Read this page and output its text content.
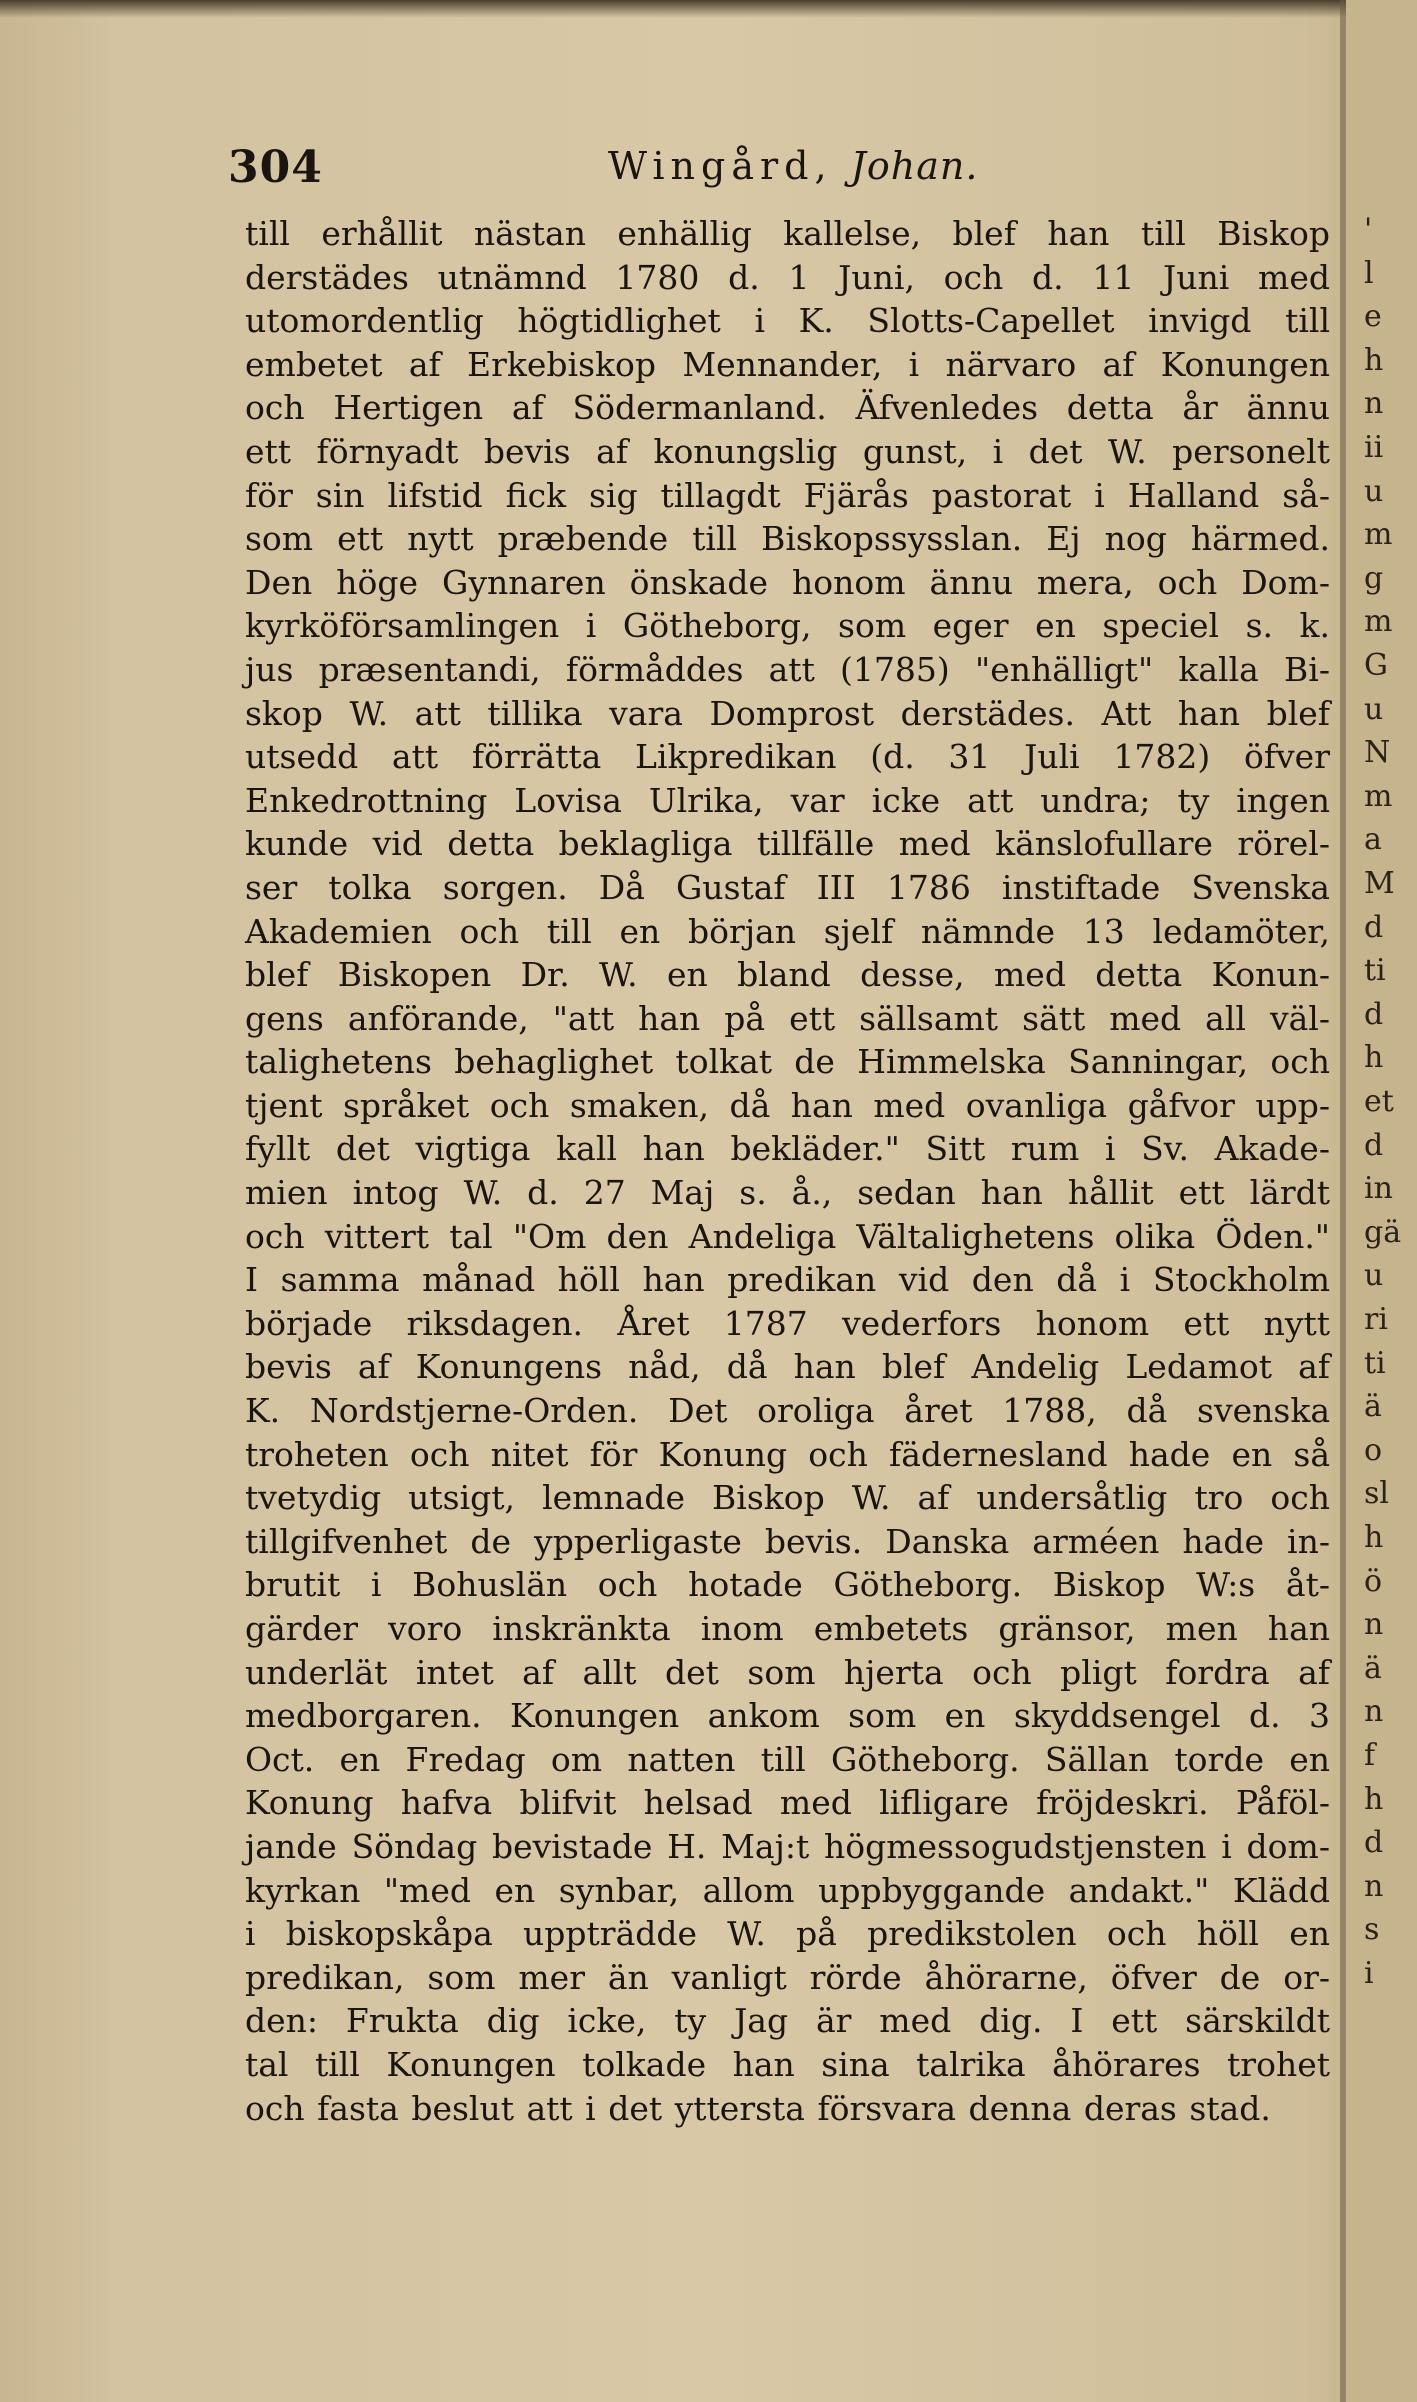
304	Wingård, Johan.
till erhållit nästan enhällig kallelse, blef han till Biskop
derstädes utnämnd 1780 d. 1 Juni, och d. 11 Juni med
utomordentlig högtidlighet i K. Slotts-Capellet invigd till
embetet af Erkebiskop Mennander, i närvaro af Konungen
och Hertigen af Södermanland. Äfvenledes detta år ännu
ett förnyadt bevis af konungslig gunst, i det W. personelt
för sin lifstid fick sig tillagdt Fjärås pastorat i Halland så-
som ett nytt præbende till Biskopssysslan. Ej nog härmed.
Den höge Gynnaren önskade honom ännu mera, och Dom-
kyrköförsamlingen i Götheborg, som eger en speciel s. k.
jus præsentandi, förmåddes att (1785) "enhälligt" kalla Bi-
skop W. att tillika vara Domprost derstädes. Att han blef
utsedd att förrätta Likpredikan (d. 31 Juli 1782) öfver
Enkedrottning Lovisa Ulrika, var icke att undra; ty ingen
kunde vid detta beklagliga tillfälle med känslofullare rörel-
ser tolka sorgen. Då Gustaf III 1786 instiftade Svenska
Akademien och till en början sjelf nämnde 13 ledamöter,
blef Biskopen Dr. W. en bland desse, med detta Konun-
gens anförande, "att han på ett sällsamt sätt med all väl-
talighetens behaglighet tolkat de Himmelska Sanningar, och
tjent språket och smaken, då han med ovanliga gåfvor upp-
fyllt det vigtiga kall han bekläder." Sitt rum i Sv. Akade-
mien intog W. d. 27 Maj s. å., sedan han hållit ett lärdt
och vittert tal "Om den Andeliga Vältalighetens olika Öden."
I samma månad höll han predikan vid den då i Stockholm
började riksdagen. Året 1787 vederfors honom ett nytt
bevis af Konungens nåd, då han blef Andelig Ledamot af
K. Nordstjerne-Orden. Det oroliga året 1788, då svenska
troheten och nitet för Konung och fädernesland hade en så
tvetydig utsigt, lemnade Biskop W. af undersåtlig tro och
tillgifvenhet de ypperligaste bevis. Danska arméen hade in-
brutit i Bohuslän och hotade Götheborg. Biskop W:s åt-
gärder voro inskränkta inom embetets gränsor, men han
underlät intet af allt det som hjerta och pligt fordra af
medborgaren. Konungen ankom som en skyddsengel d. 3
Oct. en Fredag om natten till Götheborg. Sällan torde en
Konung hafva blifvit helsad med lifligare fröjdeskri. Påföl-
jande Söndag bevistade H. Maj:t högmessogudstjensten i dom-
kyrkan "med en synbar, allom uppbyggande andakt." Klädd
i biskopskåpa uppträdde W. på predikstolen och höll en
predikan, som mer än vanligt rörde åhörarne, öfver de or-
den: Frukta dig icke, ty Jag är med dig. I ett särskildt
tal till Konungen tolkade han sina talrika åhörares trohet
och fasta beslut att i det yttersta försvara denna deras stad.
'
l
e
h
n
ii
u
m
g
m
G
u
N
m
a
M
d
ti
d
h
et
d
in
gä
u
ri
ti
ä
o
sl
h
ö
n
ä
n
f
h
d
n
s
i
